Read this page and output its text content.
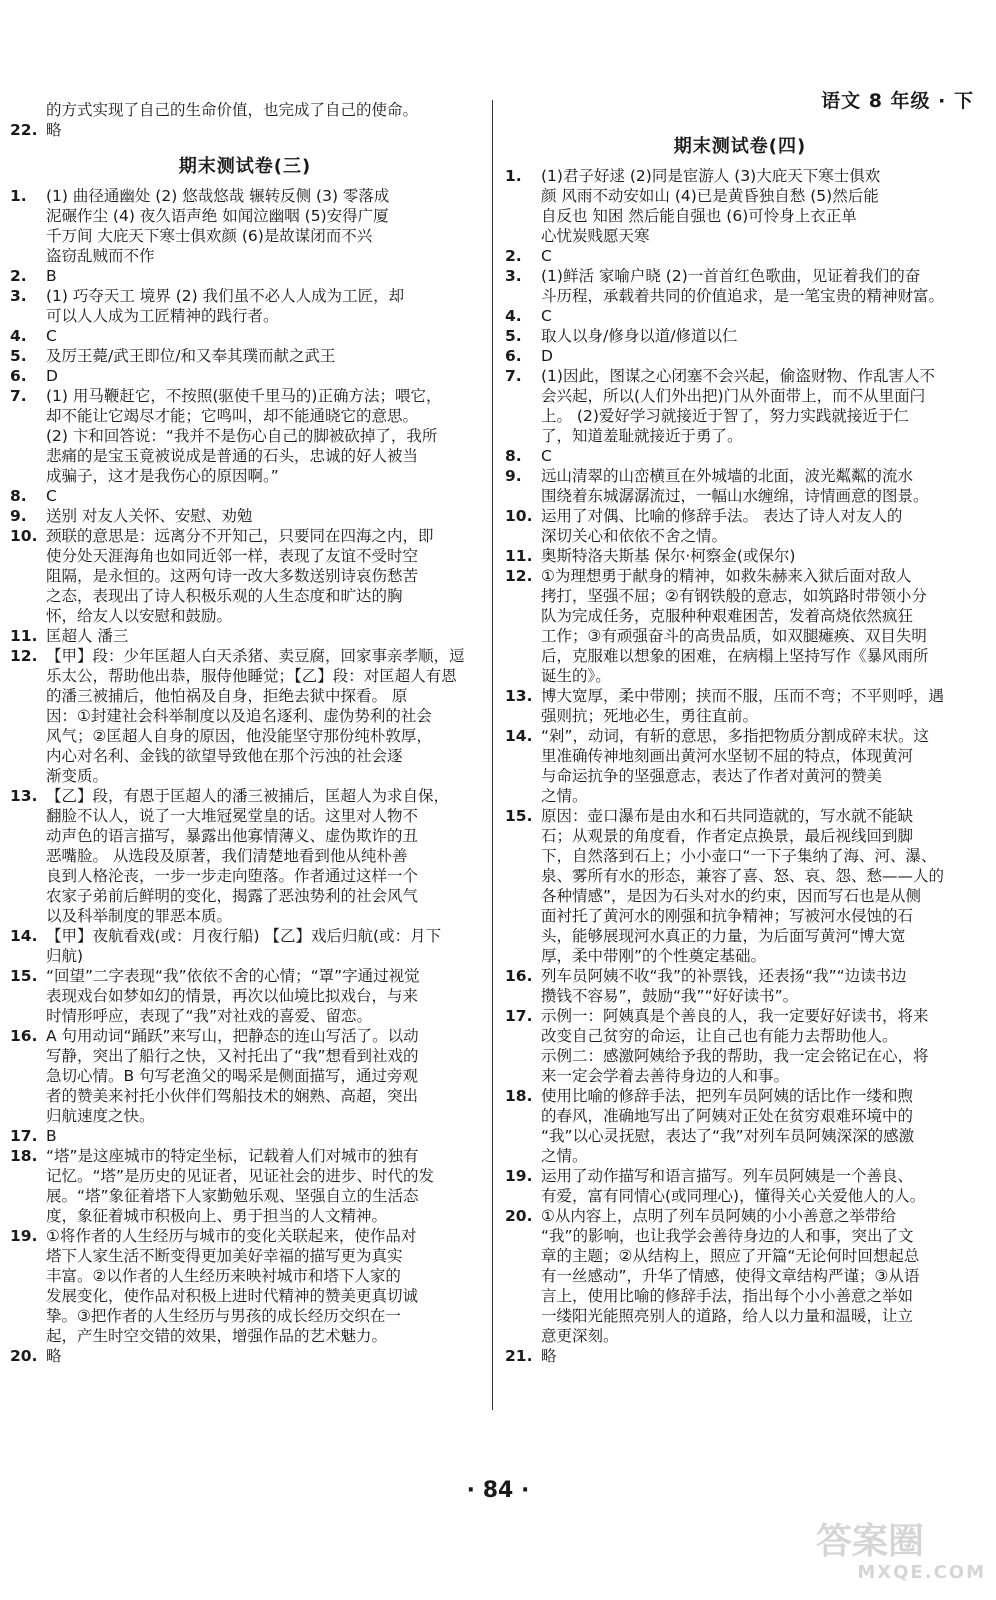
语文 8 年级 · 下
的方式实现了自己的生命价值，也完成了自己的使命。
22. 略
期末测试卷(三)
1.	(1) 曲径通幽处 (2) 悠哉悠哉 辗转反侧 (3) 零落成
泥碾作尘 (4) 夜久语声绝 如闻泣幽咽 (5)安得广厦
千万间 大庇天下寒士俱欢颜 (6)是故谋闭而不兴
盗窃乱贼而不作
2.	B
3.	(1) 巧夺天工 境界 (2) 我们虽不必人人成为工匠，却
可以人人成为工匠精神的践行者。
4.	C
5.	及厉王薨/武王即位/和又奉其璞而献之武王
6.	D
7.	(1) 用马鞭赶它，不按照(驱使千里马的)正确方法；喂它，
却不能让它竭尽才能；它鸣叫，却不能通晓它的意思。
(2) 卞和回答说：“我并不是伤心自己的脚被砍掉了，我所
悲痛的是宝玉竟被说成是普通的石头，忠诚的好人被当
成骗子，这才是我伤心的原因啊。”
8.	C
9.	送别 对友人关怀、安慰、劝勉
10. 颈联的意思是：远离分不开知己，只要同在四海之内，即
使分处天涯海角也如同近邻一样，表现了友谊不受时空
阻隔，是永恒的。这两句诗一改大多数送别诗哀伤愁苦
之态，表现出了诗人积极乐观的人生态度和旷达的胸
怀，给友人以安慰和鼓励。
11. 匡超人 潘三
12. 【甲】段：少年匡超人白天杀猪、卖豆腐，回家事亲孝顺，逗
乐太公，帮助他出恭，服侍他睡觉；【乙】段：对匡超人有恩
的潘三被捕后，他怕祸及自身，拒绝去狱中探看。 原
因：①封建社会科举制度以及追名逐利、虚伪势利的社会
风气；②匡超人自身的原因，他没能坚守那份纯朴敦厚，
内心对名利、金钱的欲望导致他在那个污浊的社会逐
渐变质。
13. 【乙】段，有恩于匡超人的潘三被捕后，匡超人为求自保，
翻脸不认人，说了一大堆冠冕堂皇的话。这里对人物不
动声色的语言描写，暴露出他寡情薄义、虚伪欺诈的丑
恶嘴脸。 从选段及原著，我们清楚地看到他从纯朴善
良到人格沦丧，一步一步走向堕落。作者通过这样一个
农家子弟前后鲜明的变化，揭露了恶浊势利的社会风气
以及科举制度的罪恶本质。
14. 【甲】夜航看戏(或：月夜行船) 【乙】戏后归航(或：月下
归航)
15. “回望”二字表现“我”依依不舍的心情；“罩”字通过视觉
表现戏台如梦如幻的情景，再次以仙境比拟戏台，与来
时情形呼应，表现了“我”对社戏的喜爱、留恋。
16. A 句用动词“踊跃”来写山，把静态的连山写活了。以动
写静，突出了船行之快，又衬托出了“我”想看到社戏的
急切心情。B 句写老渔父的喝采是侧面描写，通过旁观
者的赞美来衬托小伙伴们驾船技术的娴熟、高超，突出
归航速度之快。
17. B
18. “塔”是这座城市的特定坐标，记载着人们对城市的独有
记忆。“塔”是历史的见证者，见证社会的进步、时代的发
展。“塔”象征着塔下人家勤勉乐观、坚强自立的生活态
度，象征着城市积极向上、勇于担当的人文精神。
19. ①将作者的人生经历与城市的变化关联起来，使作品对
塔下人家生活不断变得更加美好幸福的描写更为真实
丰富。②以作者的人生经历来映衬城市和塔下人家的
发展变化，使作品对积极上进时代精神的赞美更真切诚
挚。③把作者的人生经历与男孩的成长经历交织在一
起，产生时空交错的效果，增强作品的艺术魅力。
20. 略
期末测试卷(四)
1.	(1)君子好逑 (2)同是宦游人 (3)大庇天下寒士俱欢
颜 风雨不动安如山 (4)已是黄昏独自愁 (5)然后能
自反也 知困 然后能自强也 (6)可怜身上衣正单
心忧炭贱愿天寒
2.	C
3.	(1)鲜活 家喻户晓 (2)一首首红色歌曲，见证着我们的奋
斗历程，承载着共同的价值追求，是一笔宝贵的精神财富。
4.	C
5.	取人以身/修身以道/修道以仁
6.	D
7.	(1)因此，图谋之心闭塞不会兴起，偷盗财物、作乱害人不
会兴起，所以(人们外出把)门从外面带上，而不从里面闩
上。 (2)爱好学习就接近于智了，努力实践就接近于仁
了，知道羞耻就接近于勇了。
8.	C
9.	远山清翠的山峦横亘在外城墙的北面，波光粼粼的流水
围绕着东城潺潺流过，一幅山水缠绵，诗情画意的图景。
10. 运用了对偶、比喻的修辞手法。 表达了诗人对友人的
深切关心和依依不舍之情。
11. 奥斯特洛夫斯基 保尔·柯察金(或保尔)
12. ①为理想勇于献身的精神，如救朱赫来入狱后面对敌人
拷打，坚强不屈；②有钢铁般的意志，如筑路时带领小分
队为完成任务，克服种种艰难困苦，发着高烧依然疯狂
工作；③有顽强奋斗的高贵品质，如双腿瘫痪、双目失明
后，克服难以想象的困难，在病榻上坚持写作《暴风雨所
诞生的》。
13. 博大宽厚，柔中带刚；挟而不服，压而不弯；不平则呼，遇
强则抗；死地必生，勇往直前。
14. “剁”，动词，有斩的意思，多指把物质分割成碎末状。这
里准确传神地刻画出黄河水坚韧不屈的特点，体现黄河
与命运抗争的坚强意志，表达了作者对黄河的赞美
之情。
15. 原因：壶口瀑布是由水和石共同造就的，写水就不能缺
石；从观景的角度看，作者定点换景，最后视线回到脚
下，自然落到石上；小小壶口“一下子集纳了海、河、瀑、
泉、雾所有水的形态，兼容了喜、怒、哀、怨、愁——人的
各种情感”，是因为石头对水的约束，因而写石也是从侧
面衬托了黄河水的刚强和抗争精神；写被河水侵蚀的石
头，能够展现河水真正的力量，为后面写黄河“博大宽
厚，柔中带刚”的个性奠定基础。
16. 列车员阿姨不收“我”的补票钱，还表扬“我”“边读书边
攒钱不容易”，鼓励“我”“好好读书”。
17. 示例一：阿姨真是个善良的人，我一定要好好读书，将来
改变自己贫穷的命运，让自己也有能力去帮助他人。
示例二：感激阿姨给予我的帮助，我一定会铭记在心，将
来一定会学着去善待身边的人和事。
18. 使用比喻的修辞手法，把列车员阿姨的话比作一缕和煦
的春风，准确地写出了阿姨对正处在贫穷艰难环境中的
“我”以心灵抚慰，表达了“我”对列车员阿姨深深的感激
之情。
19. 运用了动作描写和语言描写。列车员阿姨是一个善良、
有爱，富有同情心(或同理心)，懂得关心关爱他人的人。
20. ①从内容上，点明了列车员阿姨的小小善意之举带给
“我”的影响，也让我学会善待身边的人和事，突出了文
章的主题；②从结构上，照应了开篇“无论何时回想起总
有一丝感动”，升华了情感，使得文章结构严谨；③从语
言上，使用比喻的修辞手法，指出每个小小善意之举如
一缕阳光能照亮别人的道路，给人以力量和温暖，让立
意更深刻。
21. 略
· 84 ·
答案圈
MXQE.COM
